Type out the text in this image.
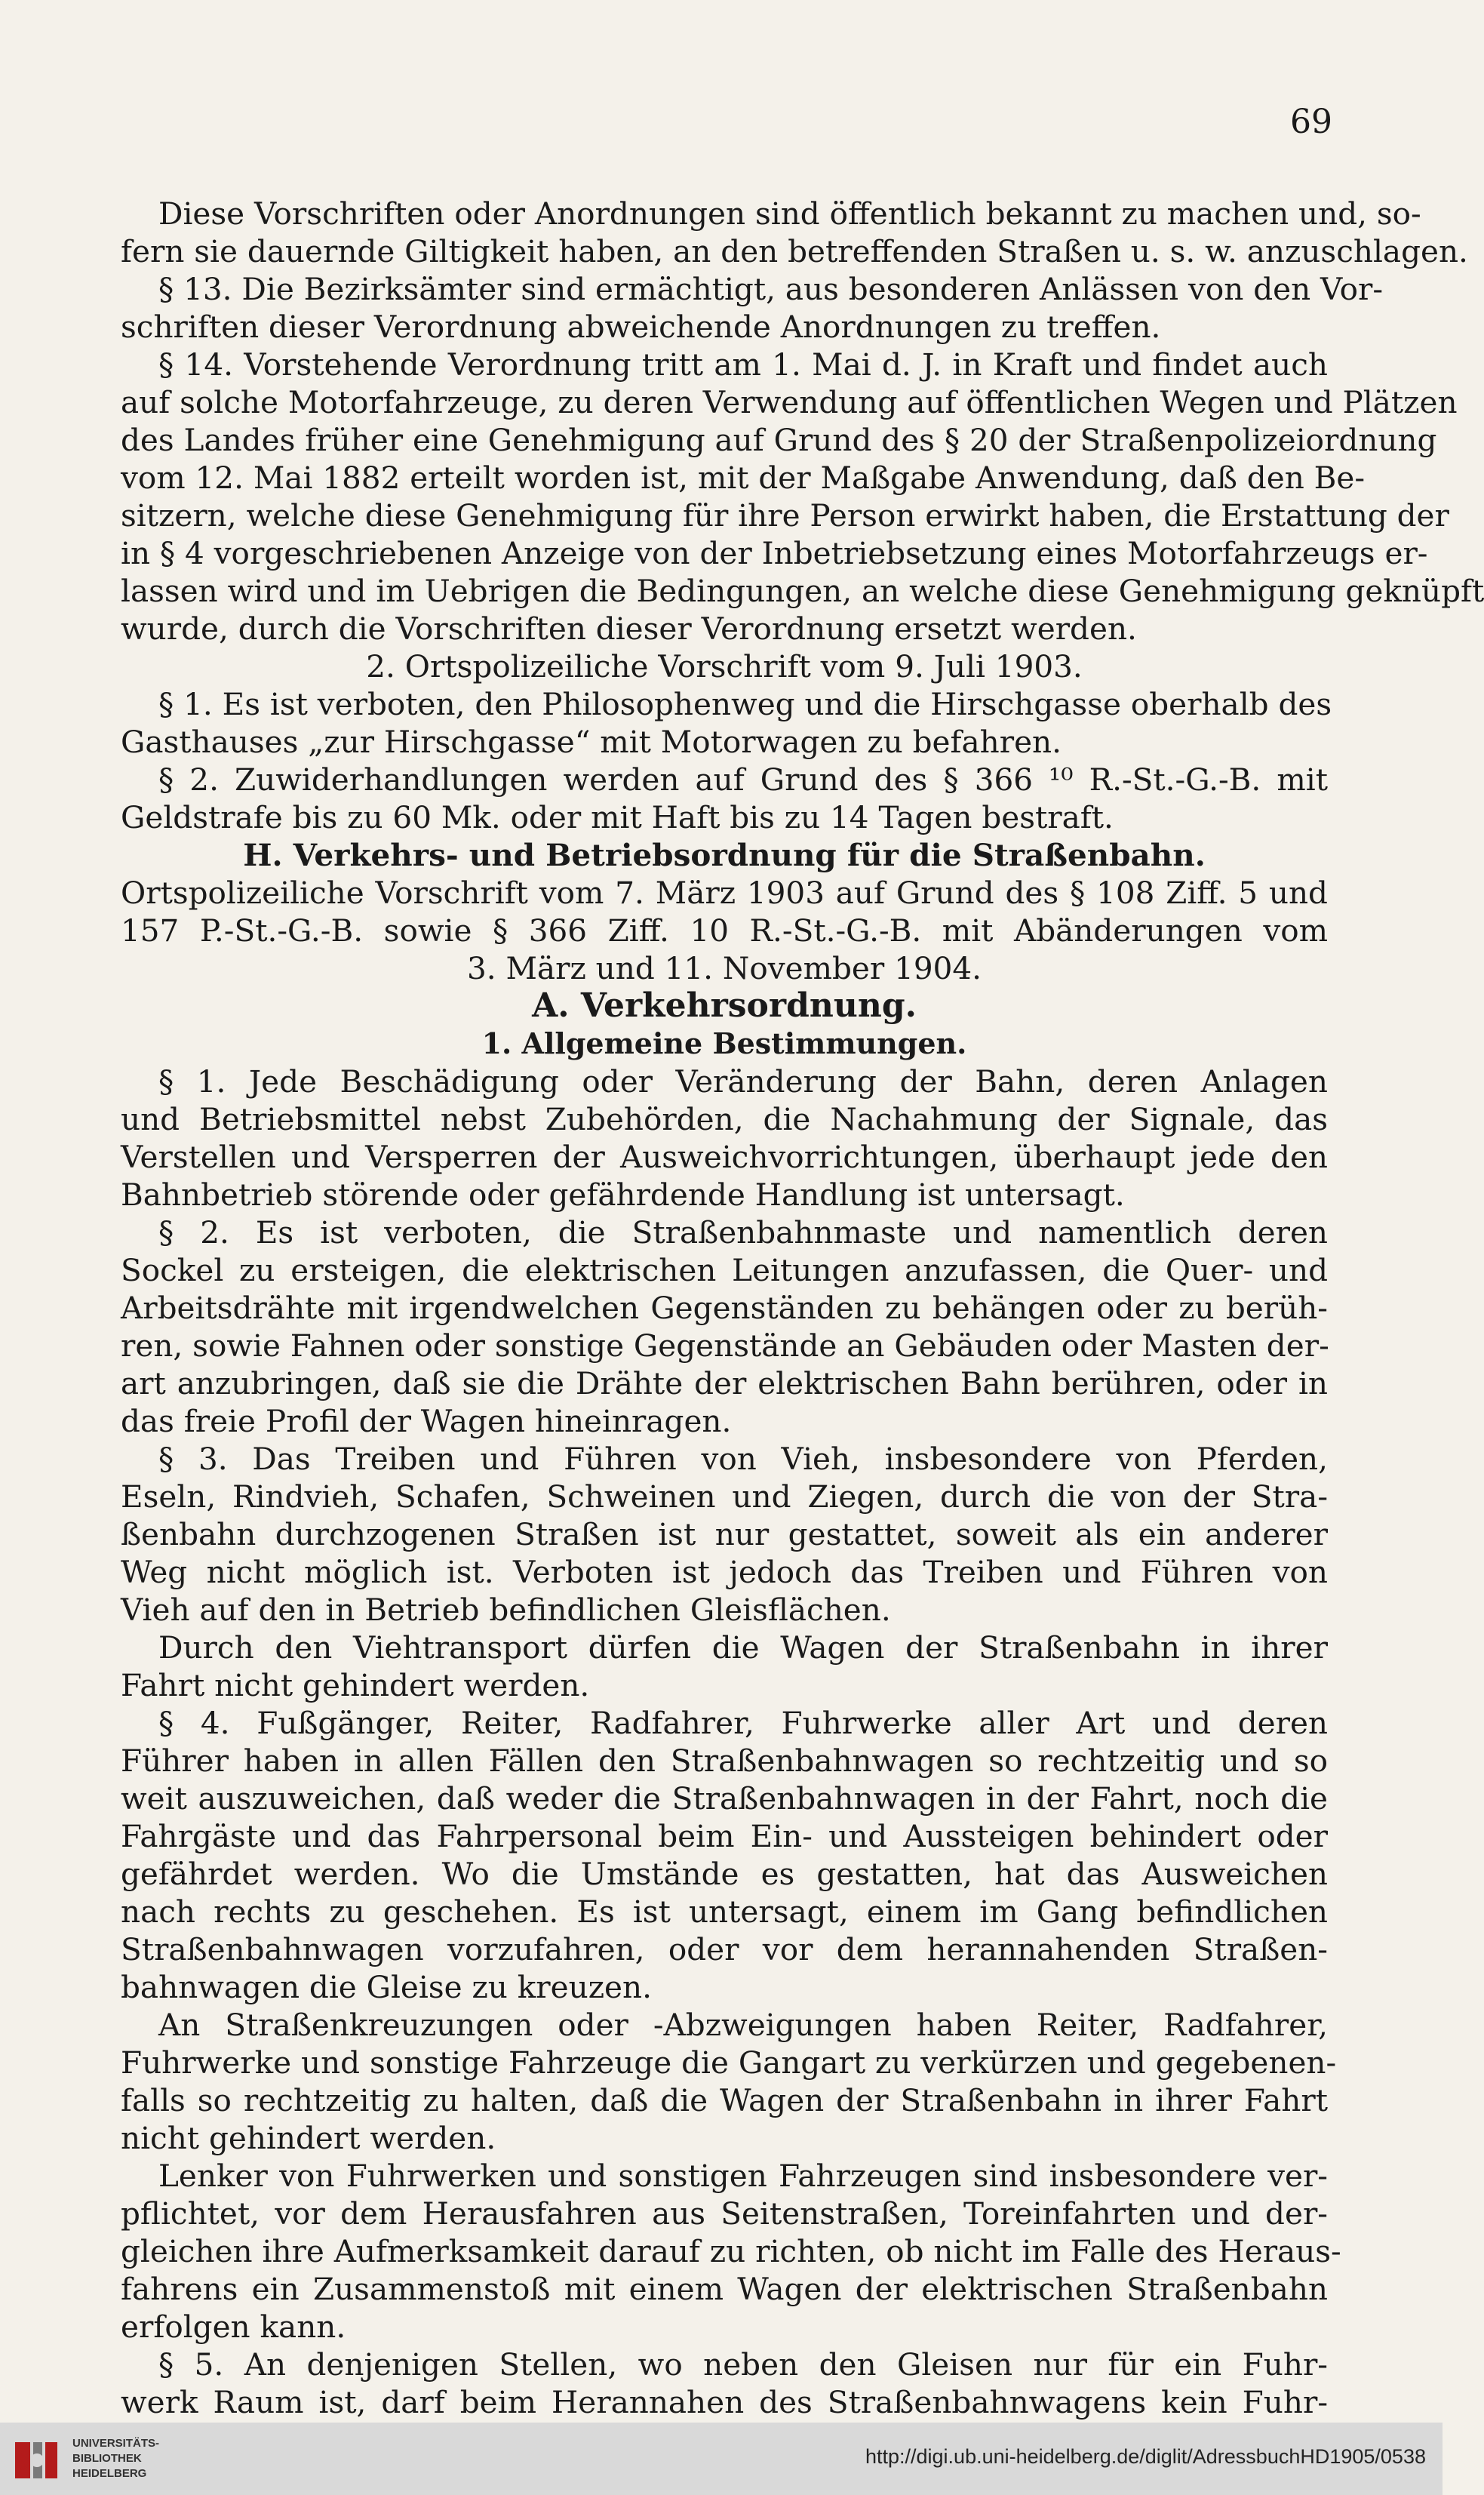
69
Diese Vorschriften oder Anordnungen sind öffentlich bekannt zu machen und, so-
fern sie dauernde Giltigkeit haben, an den betreffenden Straßen u. s. w. anzuschlagen.
§ 13. Die Bezirksämter sind ermächtigt, aus besonderen Anlässen von den Vor-
schriften dieser Verordnung abweichende Anordnungen zu treffen.
§ 14. Vorstehende Verordnung tritt am 1. Mai d. J. in Kraft und findet auch
auf solche Motorfahrzeuge, zu deren Verwendung auf öffentlichen Wegen und Plätzen
des Landes früher eine Genehmigung auf Grund des § 20 der Straßenpolizeiordnung
vom 12. Mai 1882 erteilt worden ist, mit der Maßgabe Anwendung, daß den Be-
sitzern, welche diese Genehmigung für ihre Person erwirkt haben, die Erstattung der
in § 4 vorgeschriebenen Anzeige von der Inbetriebsetzung eines Motorfahrzeugs er-
lassen wird und im Uebrigen die Bedingungen, an welche diese Genehmigung geknüpft
wurde, durch die Vorschriften dieser Verordnung ersetzt werden.
2. Ortspolizeiliche Vorschrift vom 9. Juli 1903.
§ 1. Es ist verboten, den Philosophenweg und die Hirschgasse oberhalb des
Gasthauses „zur Hirschgasse“ mit Motorwagen zu befahren.
§ 2. Zuwiderhandlungen werden auf Grund des § 366 ¹⁰ R.-St.-G.-B. mit
Geldstrafe bis zu 60 Mk. oder mit Haft bis zu 14 Tagen bestraft.
H. Verkehrs- und Betriebsordnung für die Straßenbahn.
Ortspolizeiliche Vorschrift vom 7. März 1903 auf Grund des § 108 Ziff. 5 und
157 P.-St.-G.-B. sowie § 366 Ziff. 10 R.-St.-G.-B. mit Abänderungen vom
3. März und 11. November 1904.
A. Verkehrsordnung.
1. Allgemeine Bestimmungen.
§ 1. Jede Beschädigung oder Veränderung der Bahn, deren Anlagen
und Betriebsmittel nebst Zubehörden, die Nachahmung der Signale, das
Verstellen und Versperren der Ausweichvorrichtungen, überhaupt jede den
Bahnbetrieb störende oder gefährdende Handlung ist untersagt.
§ 2. Es ist verboten, die Straßenbahnmaste und namentlich deren
Sockel zu ersteigen, die elektrischen Leitungen anzufassen, die Quer- und
Arbeitsdrähte mit irgendwelchen Gegenständen zu behängen oder zu berüh-
ren, sowie Fahnen oder sonstige Gegenstände an Gebäuden oder Masten der-
art anzubringen, daß sie die Drähte der elektrischen Bahn berühren, oder in
das freie Profil der Wagen hineinragen.
§ 3. Das Treiben und Führen von Vieh, insbesondere von Pferden,
Eseln, Rindvieh, Schafen, Schweinen und Ziegen, durch die von der Stra-
ßenbahn durchzogenen Straßen ist nur gestattet, soweit als ein anderer
Weg nicht möglich ist. Verboten ist jedoch das Treiben und Führen von
Vieh auf den in Betrieb befindlichen Gleisflächen.
Durch den Viehtransport dürfen die Wagen der Straßenbahn in ihrer
Fahrt nicht gehindert werden.
§ 4. Fußgänger, Reiter, Radfahrer, Fuhrwerke aller Art und deren
Führer haben in allen Fällen den Straßenbahnwagen so rechtzeitig und so
weit auszuweichen, daß weder die Straßenbahnwagen in der Fahrt, noch die
Fahrgäste und das Fahrpersonal beim Ein- und Aussteigen behindert oder
gefährdet werden. Wo die Umstände es gestatten, hat das Ausweichen
nach rechts zu geschehen. Es ist untersagt, einem im Gang befindlichen
Straßenbahnwagen vorzufahren, oder vor dem herannahenden Straßen-
bahnwagen die Gleise zu kreuzen.
An Straßenkreuzungen oder -Abzweigungen haben Reiter, Radfahrer,
Fuhrwerke und sonstige Fahrzeuge die Gangart zu verkürzen und gegebenen-
falls so rechtzeitig zu halten, daß die Wagen der Straßenbahn in ihrer Fahrt
nicht gehindert werden.
Lenker von Fuhrwerken und sonstigen Fahrzeugen sind insbesondere ver-
pflichtet, vor dem Herausfahren aus Seitenstraßen, Toreinfahrten und der-
gleichen ihre Aufmerksamkeit darauf zu richten, ob nicht im Falle des Heraus-
fahrens ein Zusammenstoß mit einem Wagen der elektrischen Straßenbahn
erfolgen kann.
§ 5. An denjenigen Stellen, wo neben den Gleisen nur für ein Fuhr-
werk Raum ist, darf beim Herannahen des Straßenbahnwagens kein Fuhr-
UNIVERSITÄTS-
BIBLIOTHEK
HEIDELBERG
http://digi.ub.uni-heidelberg.de/diglit/AdressbuchHD1905/0538
